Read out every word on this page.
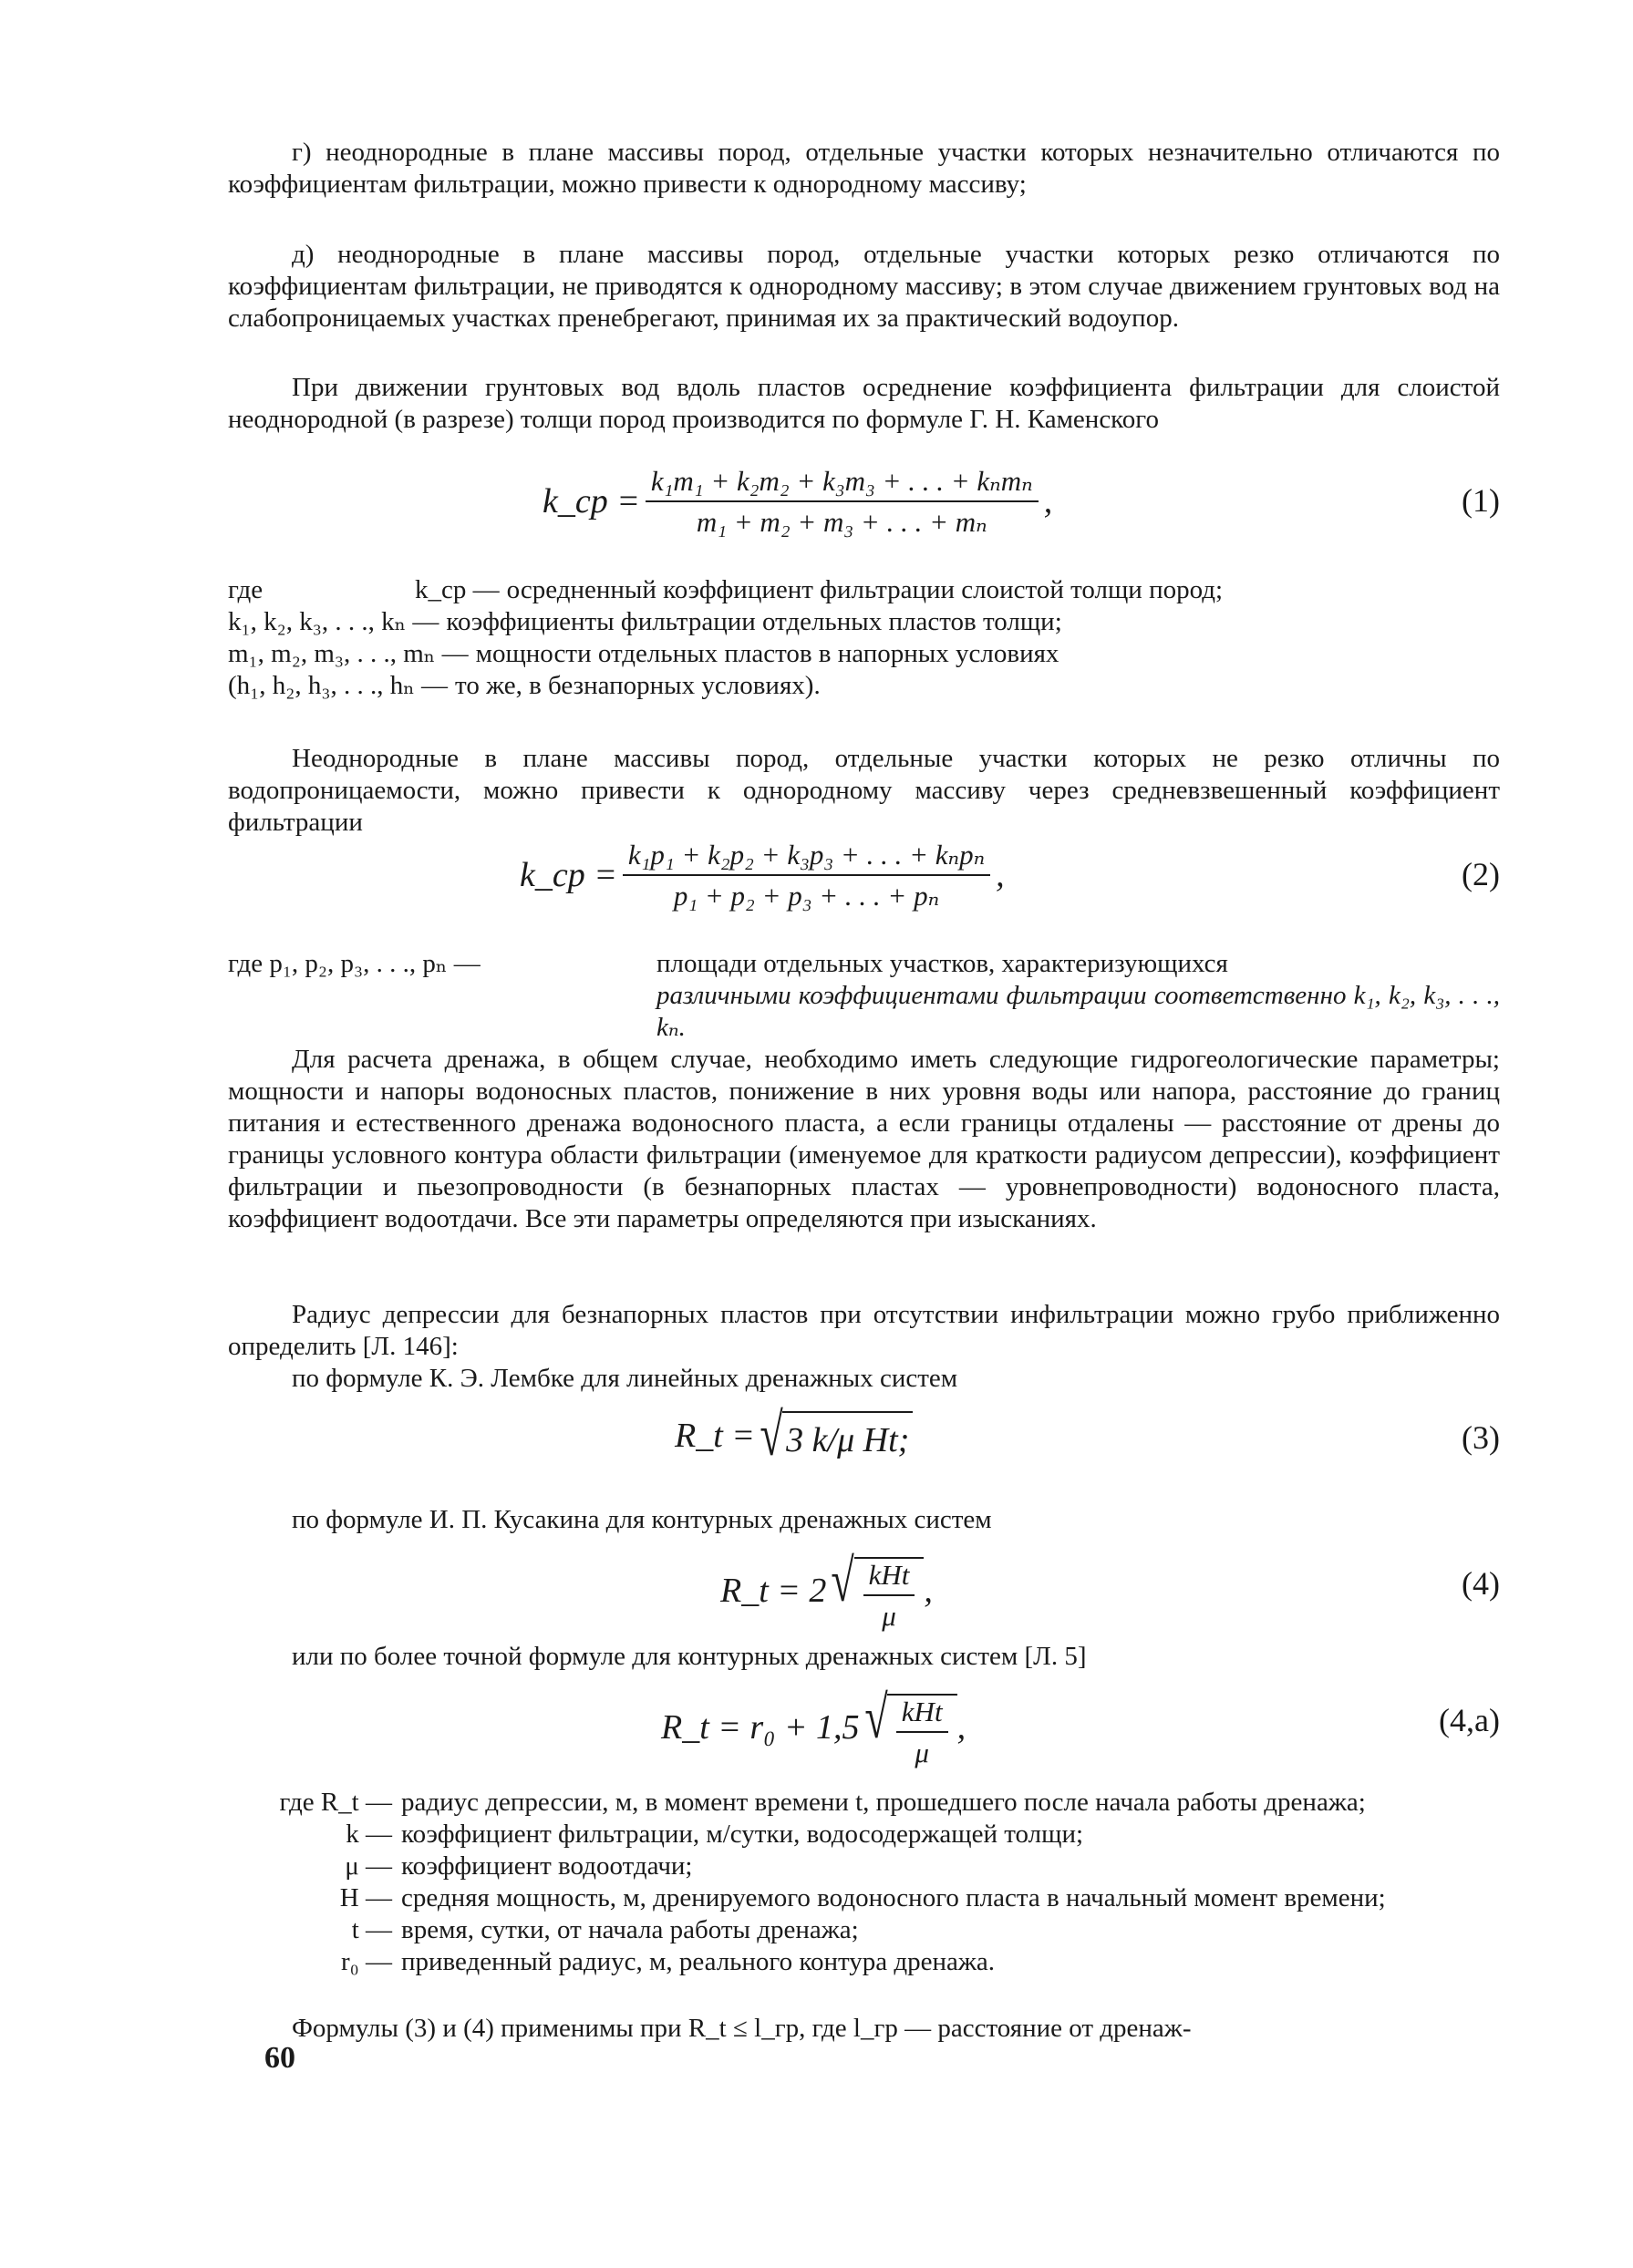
г) неоднородные в плане массивы пород, отдельные участки которых незначительно отличаются по коэффициентам фильтрации, можно привести к однородному массиву;

д) неоднородные в плане массивы пород, отдельные участки которых резко отличаются по коэффициентам фильтрации, не приводятся к однородному массиву; в этом случае движением грунтовых вод на слабопроницаемых участках пренебрегают, принимая их за практический водоупор.

При движении грунтовых вод вдоль пластов осреднение коэффициента фильтрации для слоистой неоднородной (в разрезе) толщи пород производится по формуле Г. Н. Каменского

k_ср = $\frac{\text{k₁m₁ + k₂m₂ + k₃m₃ + . . . + kₙmₙ}}{\text{m₁ + m₂ + m₃ + . . . + mₙ}}$ ,	(1)
где	k_ср — осредненный коэффициент фильтрации слоистой толщи пород;
k₁, k₂, k₃, . . ., kₙ — коэффициенты фильтрации отдельных пластов толщи;
m₁, m₂, m₃, . . ., mₙ — мощности отдельных пластов в напорных условиях
(h₁, h₂, h₃, . . ., hₙ — то же, в безнапорных условиях).

Неоднородные в плане массивы пород, отдельные участки которых не резко отличны по водопроницаемости, можно привести к однородному массиву через средневзвешенный коэффициент фильтрации

k_ср = $\frac{\text{k₁p₁ + k₂p₂ + k₃p₃ + . . . + kₙpₙ}}{\text{p₁ + p₂ + p₃ + . . . + pₙ}}$ ,	(2)
где p₁, p₂, p₃, . . ., pₙ —	площади отдельных участков, характеризующихся
различными коэффициентами фильтрации соответственно k₁, k₂, k₃, . . ., kₙ.

Для расчета дренажа, в общем случае, необходимо иметь следующие гидрогеологические параметры; мощности и напоры водоносных пластов, понижение в них уровня воды или напора, расстояние до границ питания и естественного дренажа водоносного пласта, а если границы отдалены — расстояние от дрены до границы условного контура области фильтрации (именуемое для краткости радиусом депрессии), коэффициент фильтрации и пьезопроводности (в безнапорных пластах — уровнепроводности) водоносного пласта, коэффициент водоотдачи. Все эти параметры определяются при изысканиях.

Радиус депрессии для безнапорных пластов при отсутствии инфильтрации можно грубо приближенно определить [Л. 146]:

по формуле К. Э. Лембке для линейных дренажных систем

R_t = √ 3 k/μ Ht;	(3)

по формуле И. П. Кусакина для контурных дренажных систем

R_t = 2 √ $\frac{\text{kHt}}{\mu}$ ,	(4)

или по более точной формуле для контурных дренажных систем [Л. 5]

R_t = r₀ + 1,5 √ $\frac{\text{kHt}}{\mu}$ ,	(4,a)
где R_t — радиус депрессии, м, в момент времени t, прошедшего после начала работы дренажа;
k — коэффициент фильтрации, м/сутки, водосодержащей толщи;
μ — коэффициент водоотдачи;
H — средняя мощность, м, дренируемого водоносного пласта в начальный момент времени;
t — время, сутки, от начала работы дренажа;
r₀ — приведенный радиус, м, реального контура дренажа.

Формулы (3) и (4) применимы при R_t ≤ l_гр, где l_гр — расстояние от дренаж-

60
